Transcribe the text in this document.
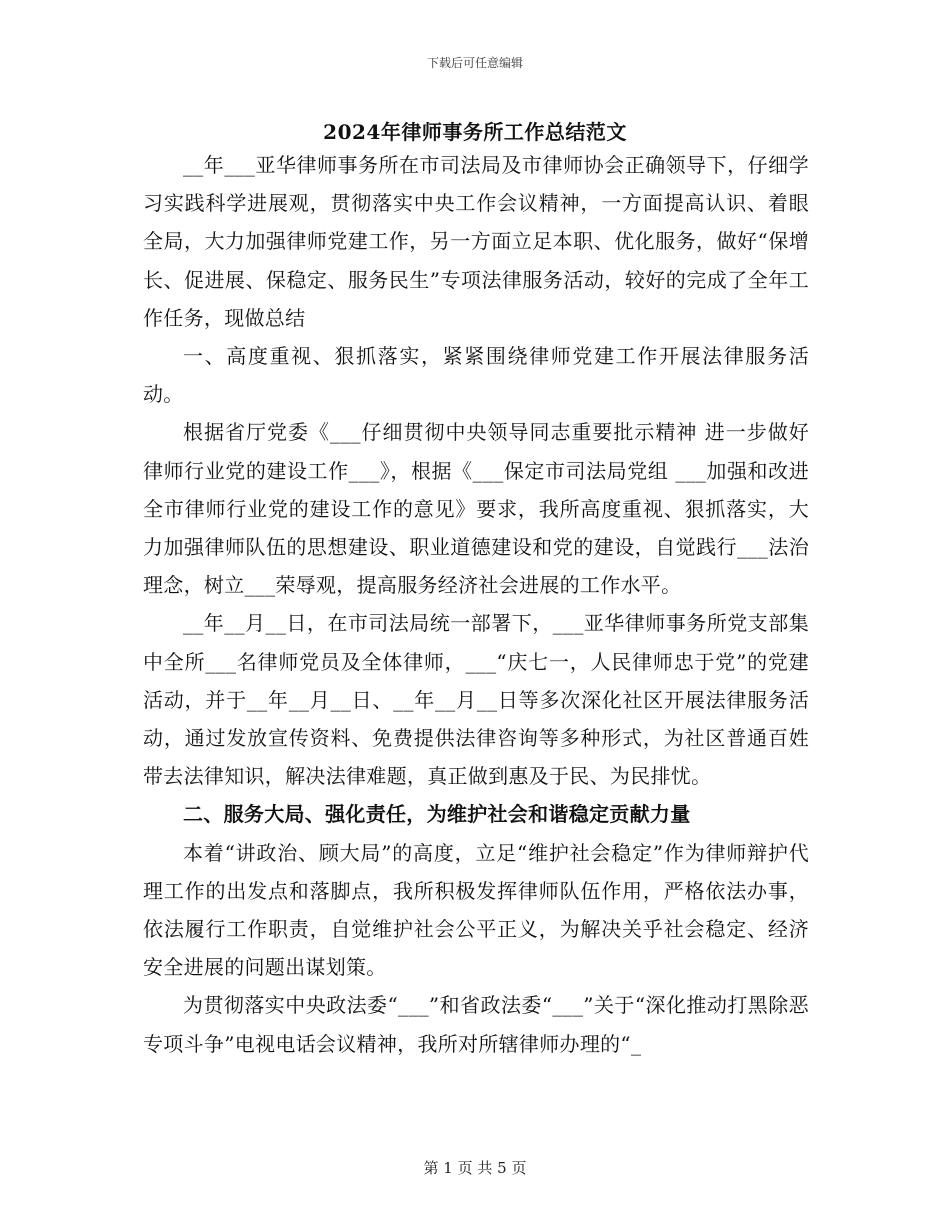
下载后可任意编辑
2024年律师事务所工作总结范文

__年___亚华律师事务所在市司法局及市律师协会正确领导下，仔细学习实践科学进展观，贯彻落实中央工作会议精神，一方面提高认识、着眼全局，大力加强律师党建工作，另一方面立足本职、优化服务，做好“保增长、促进展、保稳定、服务民生”专项法律服务活动，较好的完成了全年工作任务，现做总结

一、高度重视、狠抓落实，紧紧围绕律师党建工作开展法律服务活动。

根据省厅党委《___仔细贯彻中央领导同志重要批示精神 进一步做好律师行业党的建设工作___》，根据《___保定市司法局党组 ___加强和改进全市律师行业党的建设工作的意见》要求，我所高度重视、狠抓落实，大力加强律师队伍的思想建设、职业道德建设和党的建设，自觉践行___法治理念，树立___荣辱观，提高服务经济社会进展的工作水平。

__年__月__日，在市司法局统一部署下，___亚华律师事务所党支部集中全所___名律师党员及全体律师，___“庆七一，人民律师忠于党”的党建活动，并于__年__月__日、__年__月__日等多次深化社区开展法律服务活动，通过发放宣传资料、免费提供法律咨询等多种形式，为社区普通百姓带去法律知识，解决法律难题，真正做到惠及于民、为民排忧。

二、服务大局、强化责任，为维护社会和谐稳定贡献力量

本着“讲政治、顾大局”的高度，立足“维护社会稳定”作为律师辩护代理工作的出发点和落脚点，我所积极发挥律师队伍作用，严格依法办事，依法履行工作职责，自觉维护社会公平正义，为解决关乎社会稳定、经济安全进展的问题出谋划策。

为贯彻落实中央政法委“___”和省政法委“___”关于“深化推动打黑除恶专项斗争”电视电话会议精神，我所对所辖律师办理的“_

第 1 页 共 5 页
